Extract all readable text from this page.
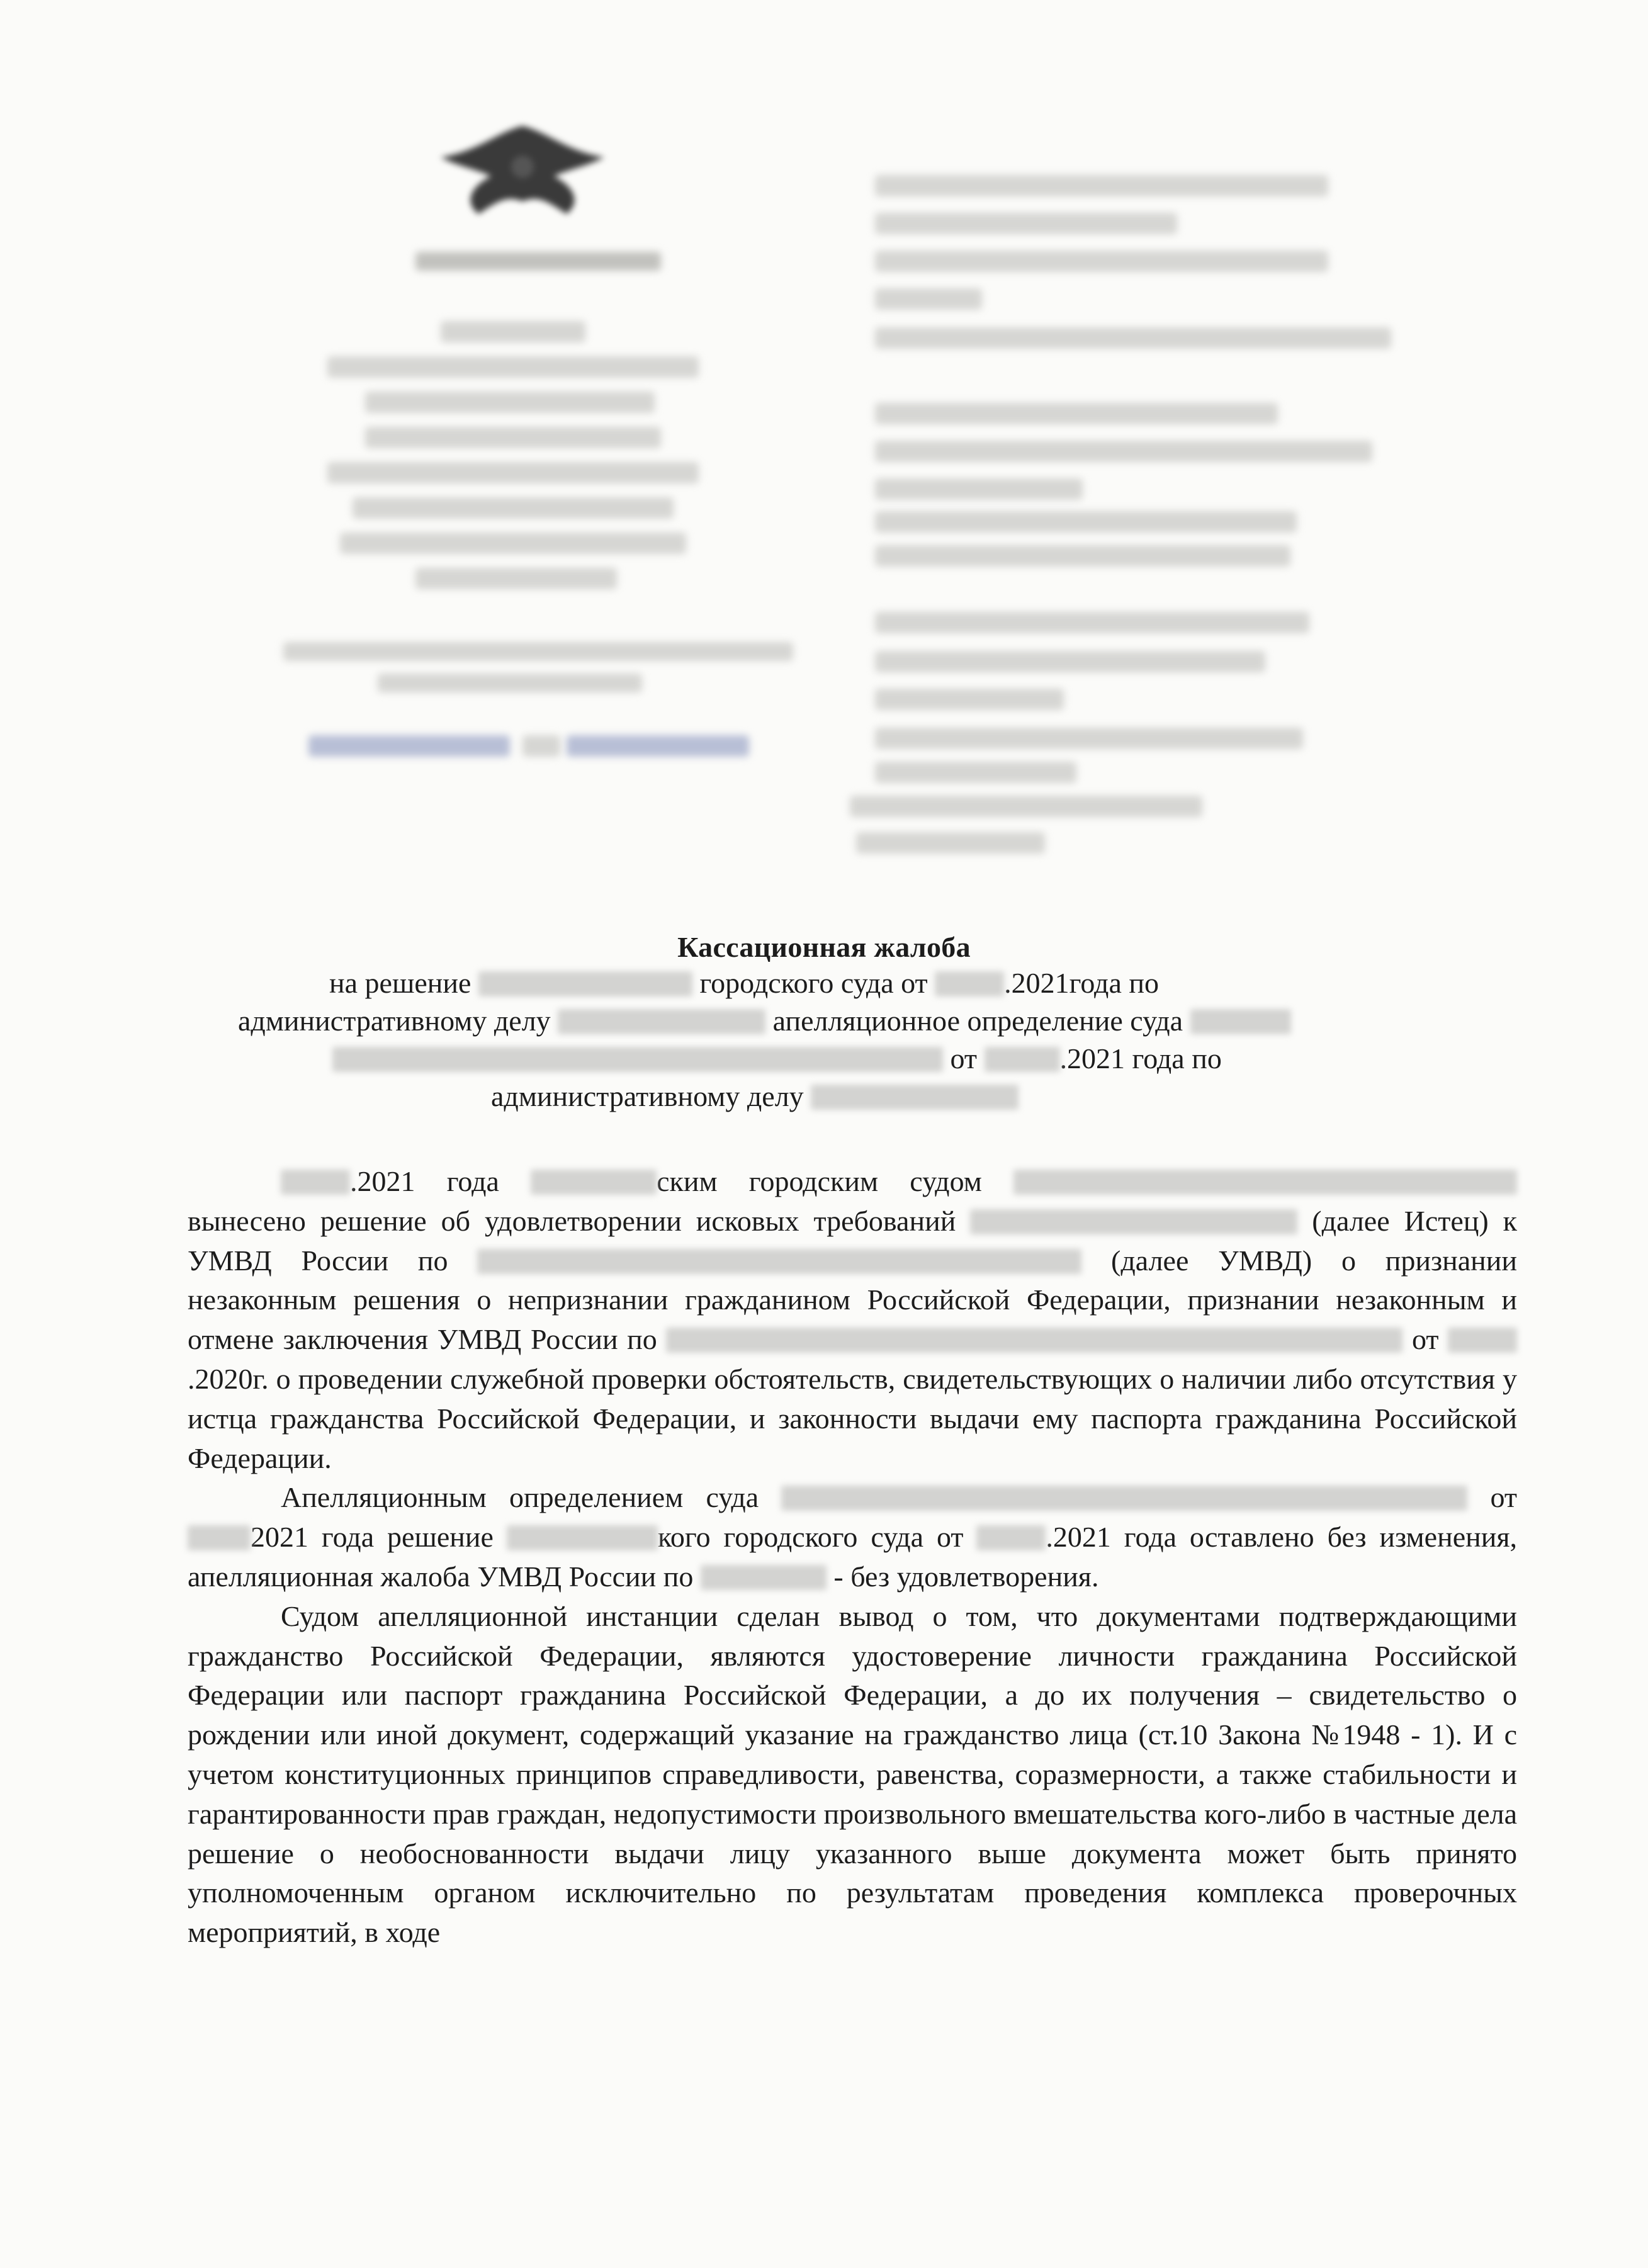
Кассационная жалоба
на решение	городского суда от	.2021года по
административному делу	апелляционное определение суда
от	.2021 года по
административному делу

.2021 года	ским городским судом  вынесено решение об удовлетворении исковых требований	(далее Истец) к УМВД России по	(далее УМВД) о признании незаконным решения о непризнании гражданином Российской Федерации, признании незаконным и отмене заключения УМВД России по	от .2020г. о проведении служебной проверки обстоятельств, свидетельствующих о наличии либо отсутствия у истца гражданства Российской Федерации, и законности выдачи ему паспорта гражданина Российской Федерации.

Апелляционным определением суда	от 2021 года решение	кого городского суда от	.2021 года оставлено без изменения, апелляционная жалоба УМВД России по	- без удовлетворения.

Судом апелляционной инстанции сделан вывод о том, что документами подтверждающими гражданство Российской Федерации, являются удостоверение личности гражданина Российской Федерации или паспорт гражданина Российской Федерации, а до их получения – свидетельство о рождении или иной документ, содержащий указание на гражданство лица (ст.10 Закона №1948 - 1). И с учетом конституционных принципов справедливости, равенства, соразмерности, а также стабильности и гарантированности прав граждан, недопустимости произвольного вмешательства кого-либо в частные дела решение о необоснованности выдачи лицу указанного выше документа может быть принято уполномоченным органом исключительно по результатам проведения комплекса проверочных мероприятий, в ходе
